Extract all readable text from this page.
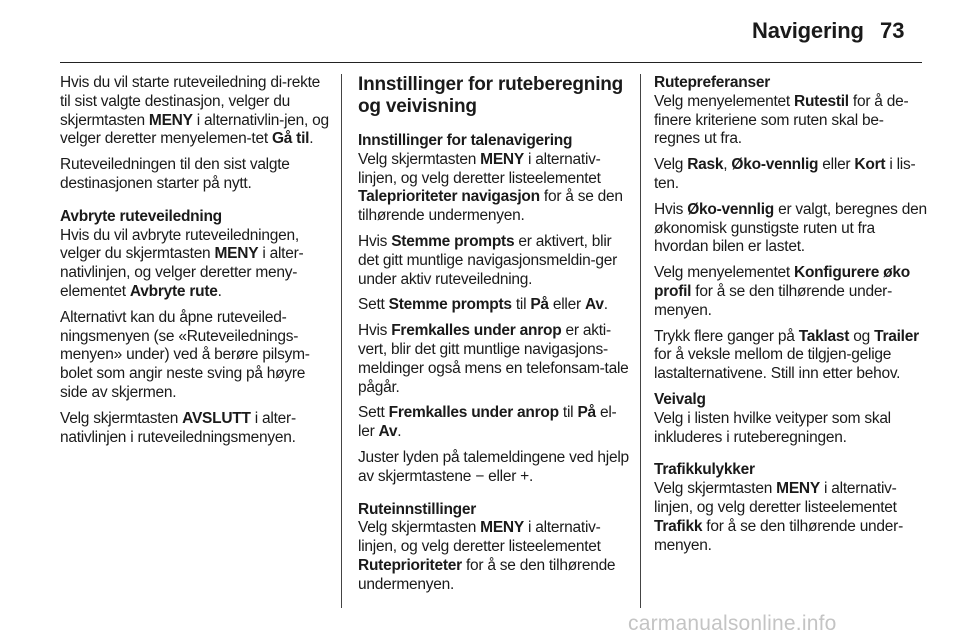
Navigering 73

Hvis du vil starte ruteveiledning di-rekte til sist valgte destinasjon, velger du skjermtasten MENY i alternativlin-jen, og velger deretter menyelemen-tet Gå til.

Ruteveiledningen til den sist valgte destinasjonen starter på nytt.

Avbryte ruteveiledning

Hvis du vil avbryte ruteveiledningen, velger du skjermtasten MENY i alter-nativlinjen, og velger deretter meny-elementet Avbryte rute.

Alternativt kan du åpne ruteveiled-ningsmenyen (se «Ruteveilednings-menyen» under) ved å berøre pilsym-bolet som angir neste sving på høyre side av skjermen.

Velg skjermtasten AVSLUTT i alter-nativlinjen i ruteveiledningsmenyen.

Innstillinger for ruteberegning og veivisning
Innstillinger for talenavigering

Velg skjermtasten MENY i alternativ-linjen, og velg deretter listeelementet Taleprioriteter navigasjon for å se den tilhørende undermenyen.

Hvis Stemme prompts er aktivert, blir det gitt muntlige navigasjonsmeldin-ger under aktiv ruteveiledning.

Sett Stemme prompts til På eller Av.

Hvis Fremkalles under anrop er akti-vert, blir det gitt muntlige navigasjons-meldinger også mens en telefonsam-tale pågår.

Sett Fremkalles under anrop til På el-ler Av.

Juster lyden på talemeldingene ved hjelp av skjermtastene − eller +.

Ruteinnstillinger

Velg skjermtasten MENY i alternativ-linjen, og velg deretter listeelementet Ruteprioriteter for å se den tilhørende undermenyen.

Rutepreferanser

Velg menyelementet Rutestil for å de-finere kriteriene som ruten skal be-regnes ut fra.

Velg Rask, Øko-vennlig eller Kort i lis-ten.

Hvis Øko-vennlig er valgt, beregnes den økonomisk gunstigste ruten ut fra hvordan bilen er lastet.

Velg menyelementet Konfigurere øko profil for å se den tilhørende under-menyen.

Trykk flere ganger på Taklast og Trailer for å veksle mellom de tilgjen-gelige lastalternativene. Still inn etter behov.

Veivalg

Velg i listen hvilke veityper som skal inkluderes i ruteberegningen.

Trafikkulykker

Velg skjermtasten MENY i alternativ-linjen, og velg deretter listeelementet Trafikk for å se den tilhørende under-menyen.

carmanualsonline.info
